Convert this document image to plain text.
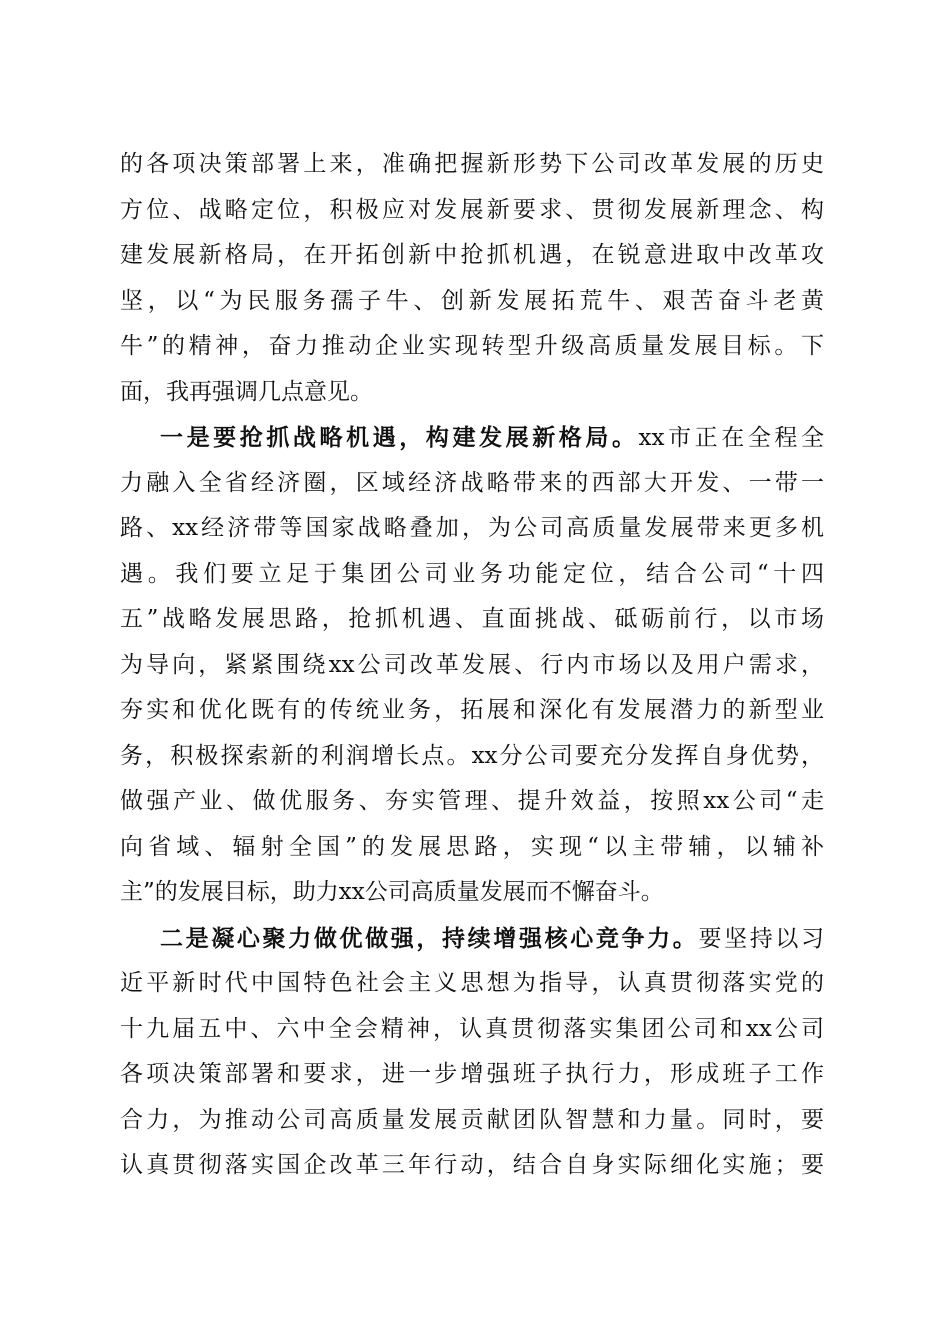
的各项决策部署上来，准确把握新形势下公司改革发展的历史
方位、战略定位，积极应对发展新要求、贯彻发展新理念、构
建发展新格局，在开拓创新中抢抓机遇，在锐意进取中改革攻
坚，以“为民服务孺子牛、创新发展拓荒牛、艰苦奋斗老黄
牛”的精神，奋力推动企业实现转型升级高质量发展目标。下
面，我再强调几点意见。
一是要抢抓战略机遇，构建发展新格局。xx市正在全程全
力融入全省经济圈，区域经济战略带来的西部大开发、一带一
路、xx经济带等国家战略叠加，为公司高质量发展带来更多机
遇。我们要立足于集团公司业务功能定位，结合公司“十四
五”战略发展思路，抢抓机遇、直面挑战、砥砺前行，以市场
为导向，紧紧围绕xx公司改革发展、行内市场以及用户需求，
夯实和优化既有的传统业务，拓展和深化有发展潜力的新型业
务，积极探索新的利润增长点。xx分公司要充分发挥自身优势，
做强产业、做优服务、夯实管理、提升效益，按照xx公司“走
向省域、辐射全国”的发展思路，实现“以主带辅，以辅补
主”的发展目标，助力xx公司高质量发展而不懈奋斗。
二是凝心聚力做优做强，持续增强核心竞争力。要坚持以习
近平新时代中国特色社会主义思想为指导，认真贯彻落实党的
十九届五中、六中全会精神，认真贯彻落实集团公司和xx公司
各项决策部署和要求，进一步增强班子执行力，形成班子工作
合力，为推动公司高质量发展贡献团队智慧和力量。同时，要
认真贯彻落实国企改革三年行动，结合自身实际细化实施；要
